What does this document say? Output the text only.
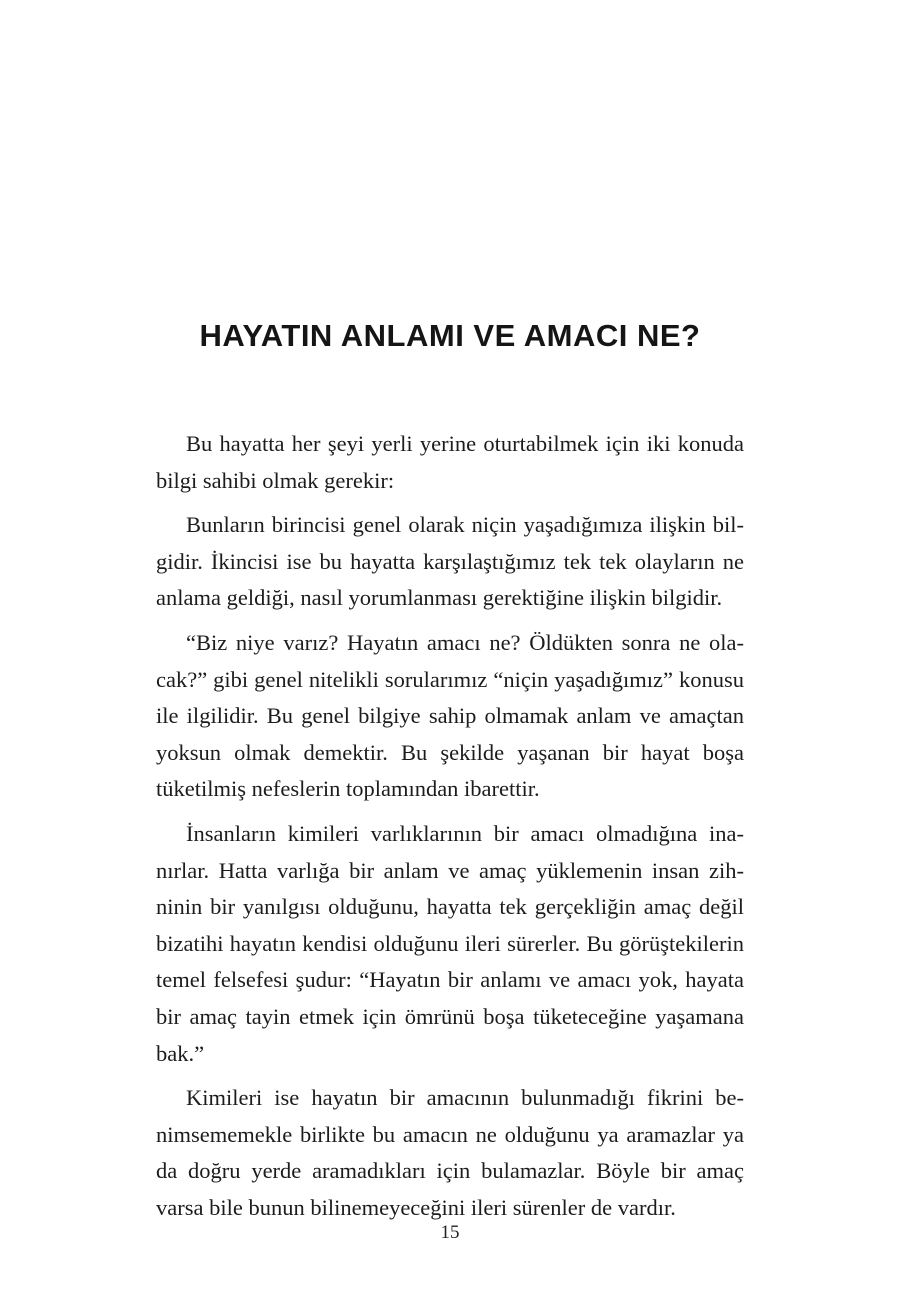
HAYATIN ANLAMI VE AMACI NE?

Bu hayatta her şeyi yerli yerine oturtabilmek için iki konuda bilgi sahibi olmak gerekir:

Bunların birincisi genel olarak niçin yaşadığımıza ilişkin bilgidir. İkincisi ise bu hayatta karşılaştığımız tek tek olayların ne anlama geldiği, nasıl yorumlanması gerektiğine ilişkin bilgidir.

“Biz niye varız? Hayatın amacı ne? Öldükten sonra ne olacak?” gibi genel nitelikli sorularımız “niçin yaşadığımız” konusu ile ilgilidir. Bu genel bilgiye sahip olmamak anlam ve amaçtan yoksun olmak demektir. Bu şekilde yaşanan bir hayat boşa tüketilmiş nefeslerin toplamından ibarettir.

İnsanların kimileri varlıklarının bir amacı olmadığına inanırlar. Hatta varlığa bir anlam ve amaç yüklemenin insan zihninin bir yanılgısı olduğunu, hayatta tek gerçekliğin amaç değil bizatihi hayatın kendisi olduğunu ileri sürerler. Bu görüştekilerin temel felsefesi şudur: “Hayatın bir anlamı ve amacı yok, hayata bir amaç tayin etmek için ömrünü boşa tüketeceğine yaşamana bak.”

Kimileri ise hayatın bir amacının bulunmadığı fikrini benimsememekle birlikte bu amacın ne olduğunu ya aramazlar ya da doğru yerde aramadıkları için bulamazlar. Böyle bir amaç varsa bile bunun bilinemeyeceğini ileri sürenler de vardır.

15
